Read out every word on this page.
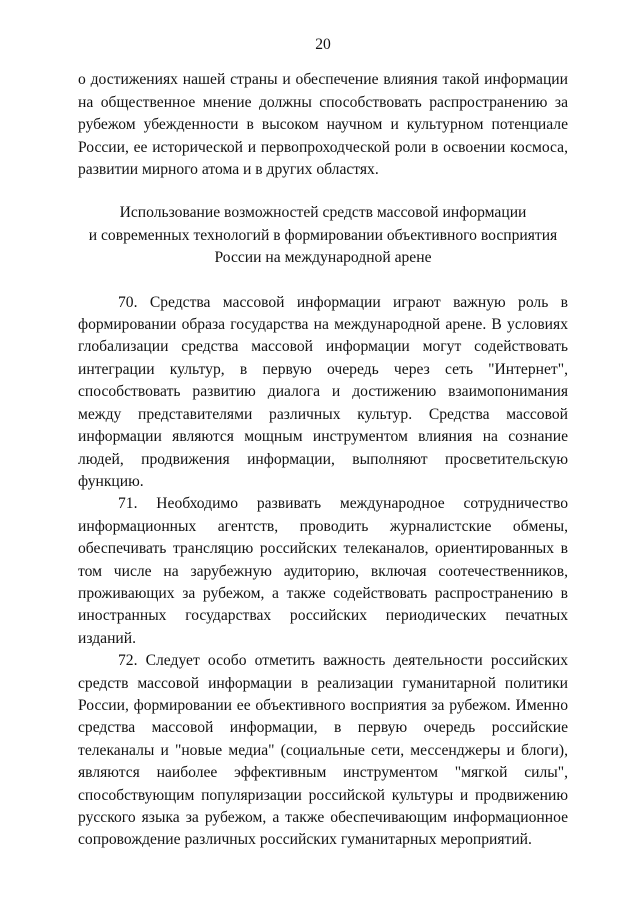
20

о достижениях нашей страны и обеспечение влияния такой информации на общественное мнение должны способствовать распространению за рубежом убежденности в высоком научном и культурном потенциале России, ее исторической и первопроходческой роли в освоении космоса, развитии мирного атома и в других областях.

Использование возможностей средств массовой информации
и современных технологий в формировании объективного восприятия
России на международной арене

70. Средства массовой информации играют важную роль в формировании образа государства на международной арене. В условиях глобализации средства массовой информации могут содействовать интеграции культур, в первую очередь через сеть "Интернет", способствовать развитию диалога и достижению взаимопонимания между представителями различных культур. Средства массовой информации являются мощным инструментом влияния на сознание людей, продвижения информации, выполняют просветительскую функцию.

71. Необходимо развивать международное сотрудничество информационных агентств, проводить журналистские обмены, обеспечивать трансляцию российских телеканалов, ориентированных в том числе на зарубежную аудиторию, включая соотечественников, проживающих за рубежом, а также содействовать распространению в иностранных государствах российских периодических печатных изданий.

72. Следует особо отметить важность деятельности российских средств массовой информации в реализации гуманитарной политики России, формировании ее объективного восприятия за рубежом. Именно средства массовой информации, в первую очередь российские телеканалы и "новые медиа" (социальные сети, мессенджеры и блоги), являются наиболее эффективным инструментом "мягкой силы", способствующим популяризации российской культуры и продвижению русского языка за рубежом, а также обеспечивающим информационное сопровождение различных российских гуманитарных мероприятий.
